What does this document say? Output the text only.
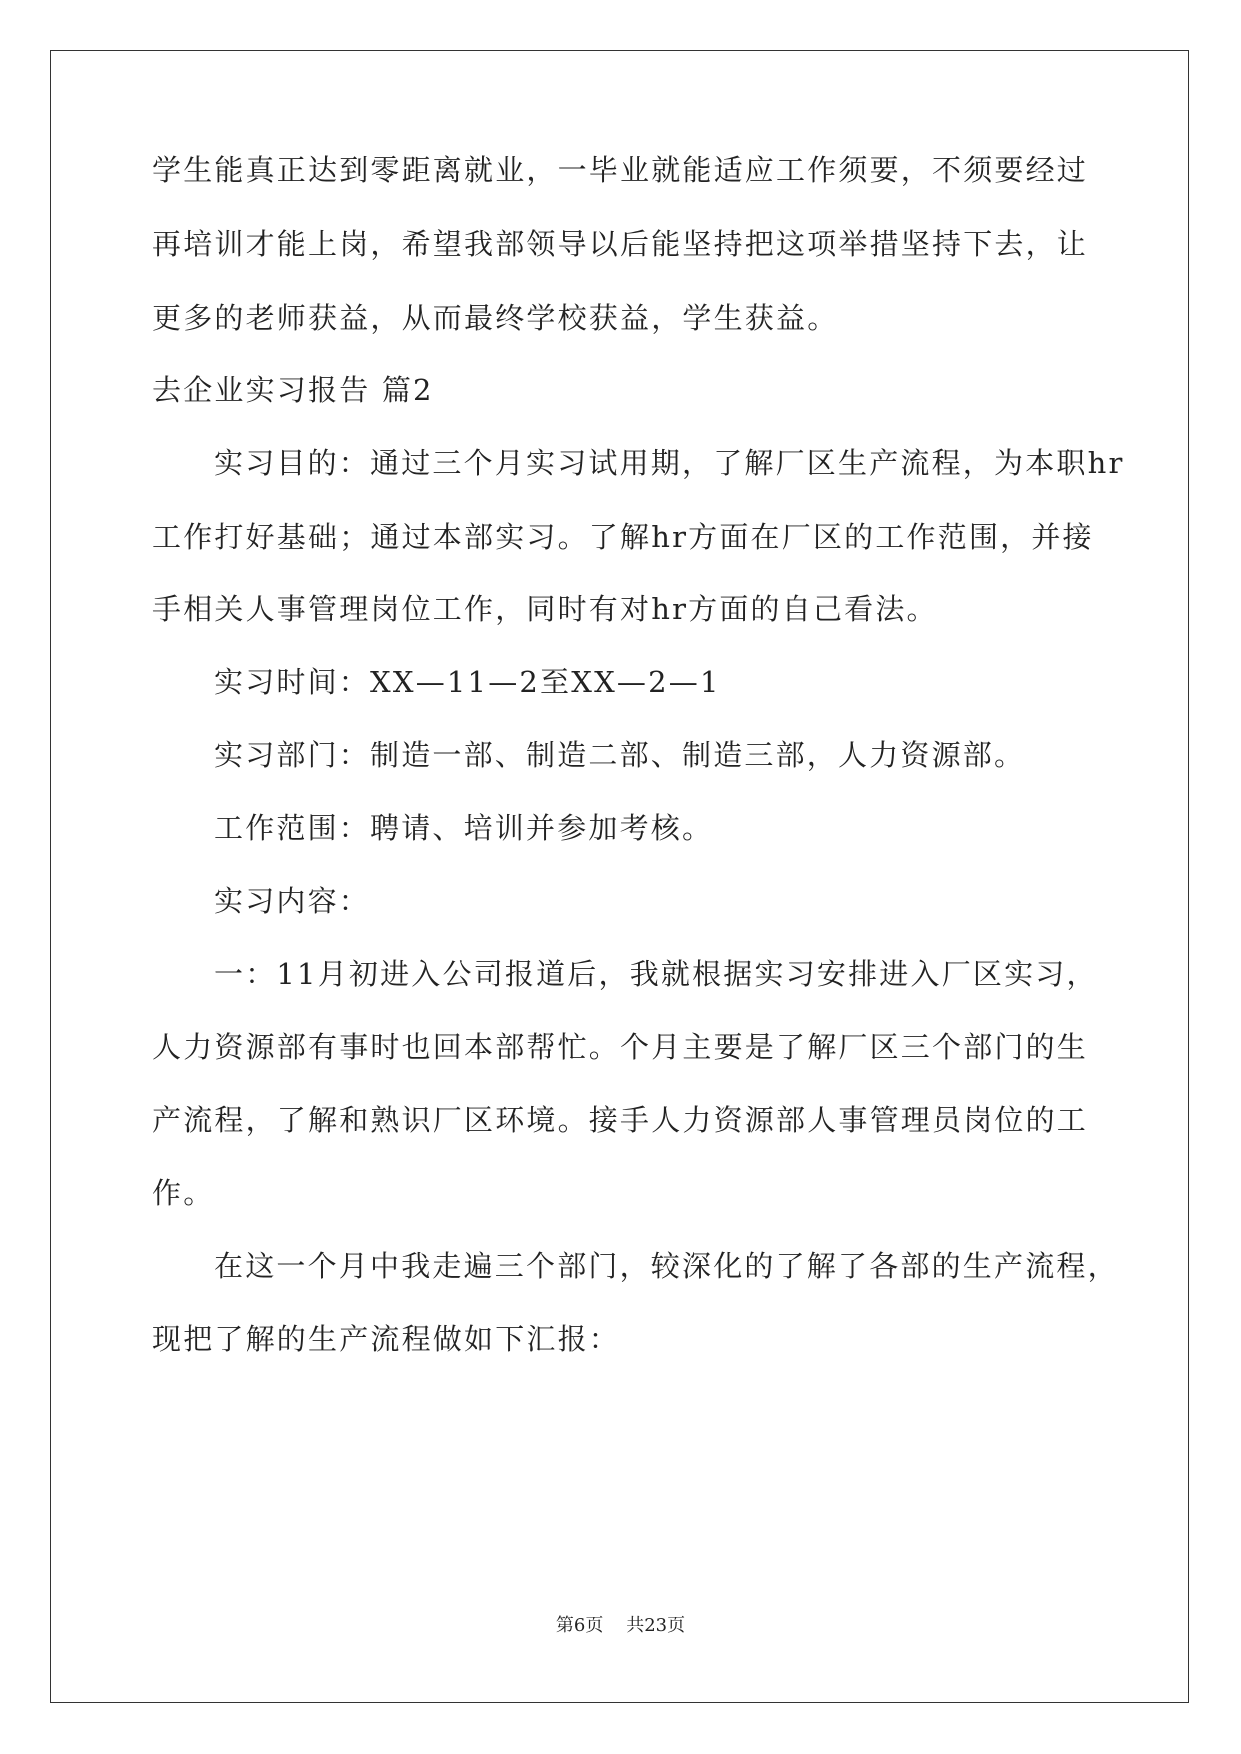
学生能真正达到零距离就业，一毕业就能适应工作须要，不须要经过
再培训才能上岗，希望我部领导以后能坚持把这项举措坚持下去，让
更多的老师获益，从而最终学校获益，学生获益。
去企业实习报告 篇2
实习目的：通过三个月实习试用期，了解厂区生产流程，为本职hr
工作打好基础；通过本部实习。了解hr方面在厂区的工作范围，并接
手相关人事管理岗位工作，同时有对hr方面的自己看法。
实习时间：XX—11—2至XX—2—1
实习部门：制造一部、制造二部、制造三部，人力资源部。
工作范围：聘请、培训并参加考核。
实习内容：
一：11月初进入公司报道后，我就根据实习安排进入厂区实习，
人力资源部有事时也回本部帮忙。个月主要是了解厂区三个部门的生
产流程，了解和熟识厂区环境。接手人力资源部人事管理员岗位的工
作。
在这一个月中我走遍三个部门，较深化的了解了各部的生产流程，
现把了解的生产流程做如下汇报：
第6页    共23页
